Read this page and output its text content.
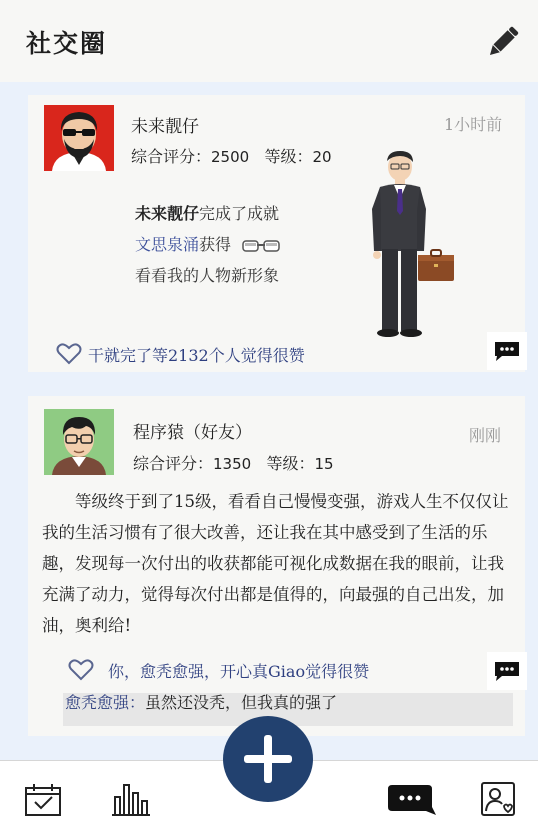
社交圈
未来靓仔
综合评分：2500 等级：20
1小时前
未来靓仔完成了成就
文思泉涌获得
看看我的人物新形象
干就完了等2132个人觉得很赞
程序猿（好友）
综合评分：1350 等级：15
刚刚
等级终于到了15级，看看自己慢慢变强，游戏人生不仅仅让我的生活习惯有了很大改善，还让我在其中感受到了生活的乐趣，发现每一次付出的收获都能可视化成数据在我的眼前，让我充满了动力，觉得每次付出都是值得的，向最强的自己出发，加油，奥利给!
你，愈秃愈强，开心真Giao觉得很赞
愈秃愈强：虽然还没秃，但我真的强了
